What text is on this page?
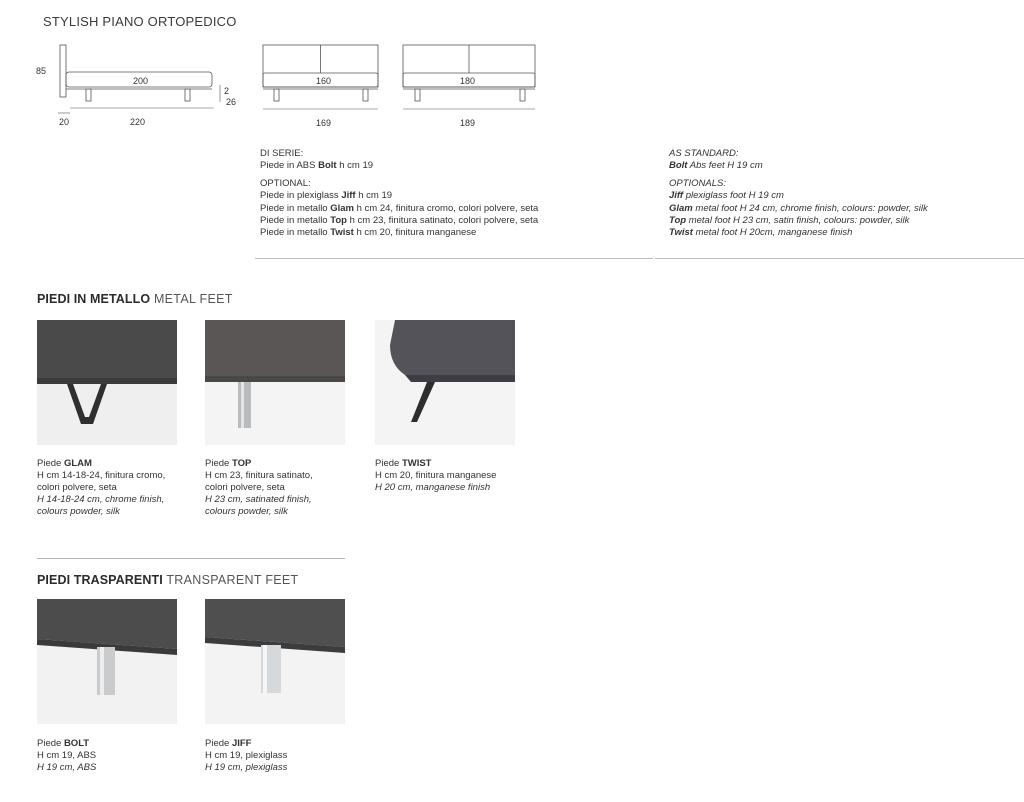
STYLISH PIANO ORTOPEDICO
85
200
2
26
20	220
160
169
180
189
DI SERIE:
Piede in ABS Bolt h cm 19
OPTIONAL:
Piede in plexiglass Jiff h cm 19
Piede in metallo Glam h cm 24, finitura cromo, colori polvere, seta
Piede in metallo Top h cm 23, finitura satinato, colori polvere, seta
Piede in metallo Twist h cm 20, finitura manganese
AS STANDARD:
Bolt Abs feet H 19 cm
OPTIONALS:
Jiff plexiglass foot H 19 cm
Glam metal foot H 24 cm, chrome finish, colours: powder, silk
Top metal foot H 23 cm, satin finish, colours: powder, silk
Twist metal foot H 20cm, manganese finish
PIEDI IN METALLO METAL FEET
Piede GLAM
H cm 14-18-24, finitura cromo,
colori polvere, seta
H 14-18-24 cm, chrome finish,
colours powder, silk
Piede TOP
H cm 23, finitura satinato,
colori polvere, seta
H 23 cm, satinated finish,
colours powder, silk
Piede TWIST
H cm 20, finitura manganese
H 20 cm, manganese finish
PIEDI TRASPARENTI TRANSPARENT FEET
Piede BOLT
H cm 19, ABS
H 19 cm, ABS
Piede JIFF
H cm 19, plexiglass
H 19 cm, plexiglass
